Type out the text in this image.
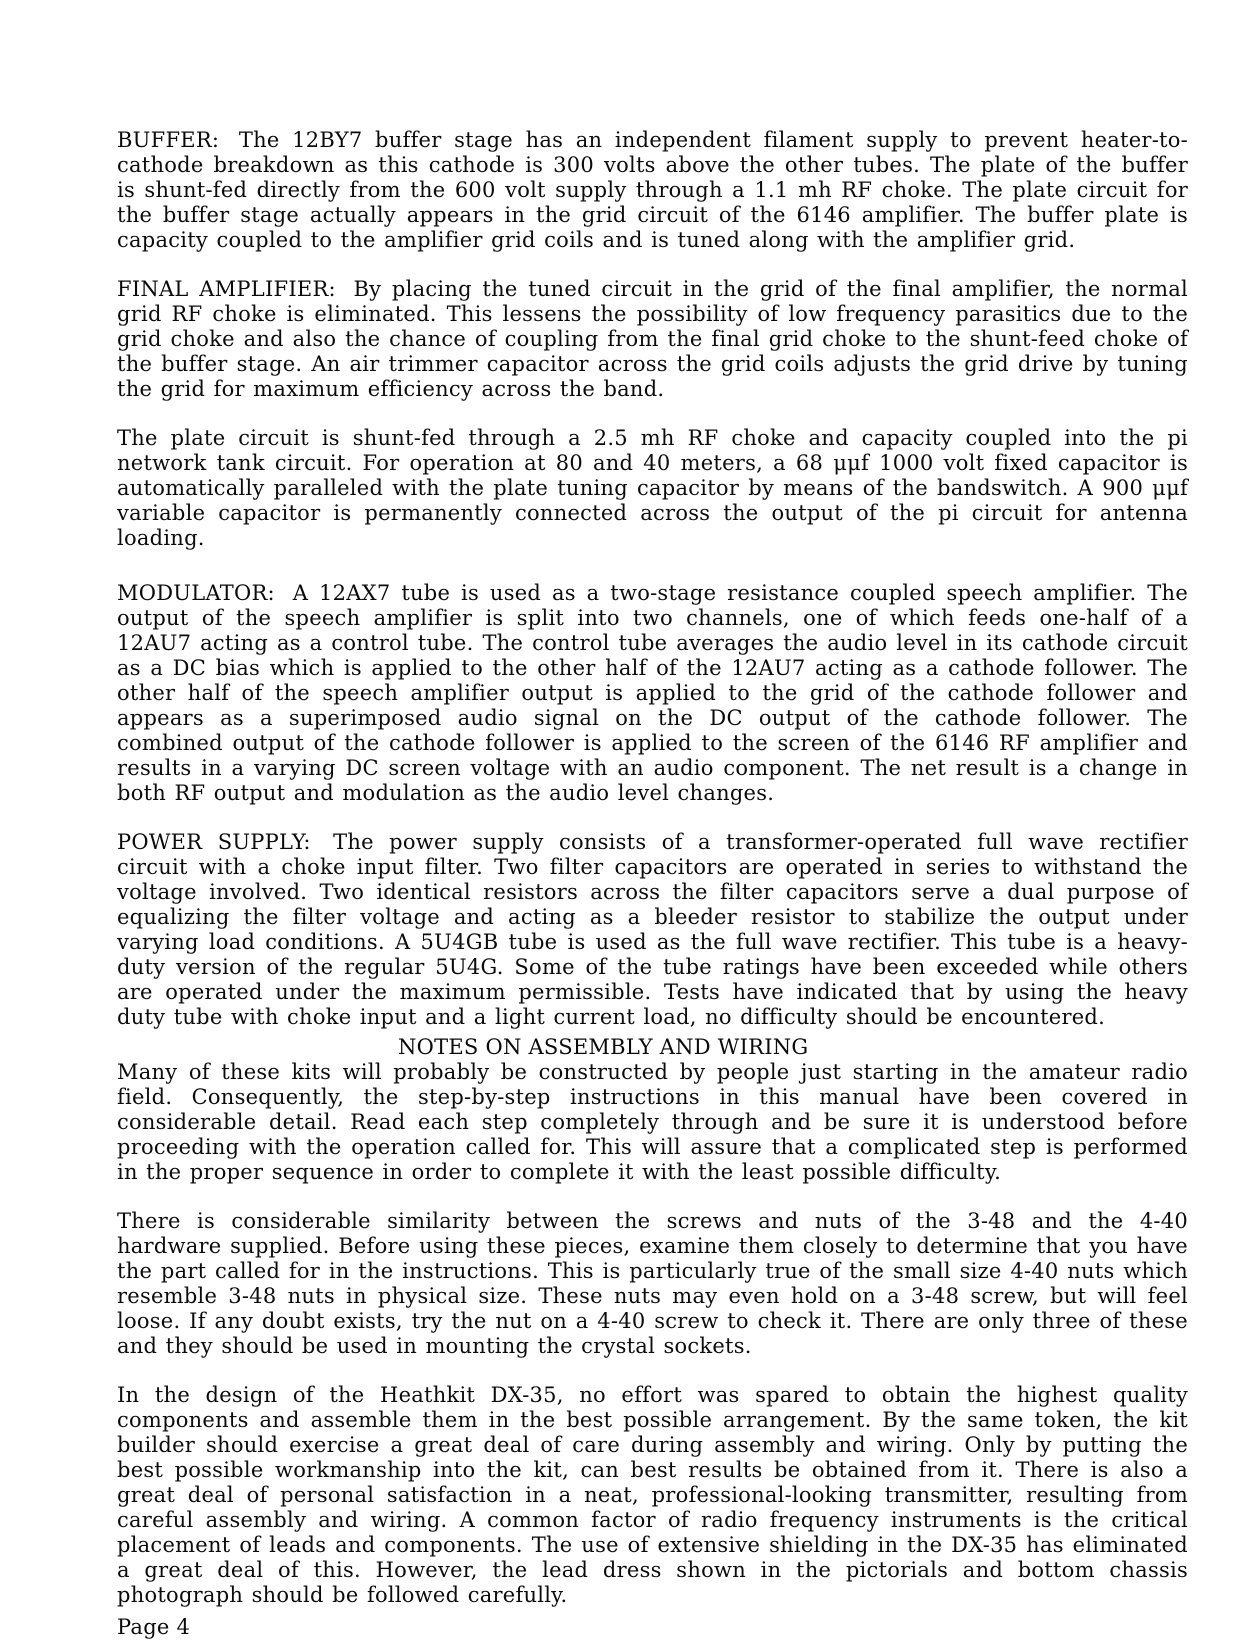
BUFFER: The 12BY7 buffer stage has an independent filament supply to prevent heater-to-cathode breakdown as this cathode is 300 volts above the other tubes. The plate of the buffer is shunt-fed directly from the 600 volt supply through a 1.1 mh RF choke. The plate circuit for the buffer stage actually appears in the grid circuit of the 6146 amplifier. The buffer plate is capacity coupled to the amplifier grid coils and is tuned along with the amplifier grid.

FINAL AMPLIFIER: By placing the tuned circuit in the grid of the final amplifier, the normal grid RF choke is eliminated. This lessens the possibility of low frequency parasitics due to the grid choke and also the chance of coupling from the final grid choke to the shunt-feed choke of the buffer stage. An air trimmer capacitor across the grid coils adjusts the grid drive by tuning the grid for maximum efficiency across the band.

The plate circuit is shunt-fed through a 2.5 mh RF choke and capacity coupled into the pi network tank circuit. For operation at 80 and 40 meters, a 68 μμf 1000 volt fixed capacitor is automatically paralleled with the plate tuning capacitor by means of the bandswitch. A 900 μμf variable capacitor is permanently connected across the output of the pi circuit for antenna loading.

MODULATOR: A 12AX7 tube is used as a two-stage resistance coupled speech amplifier. The output of the speech amplifier is split into two channels, one of which feeds one-half of a 12AU7 acting as a control tube. The control tube averages the audio level in its cathode circuit as a DC bias which is applied to the other half of the 12AU7 acting as a cathode follower. The other half of the speech amplifier output is applied to the grid of the cathode follower and appears as a superimposed audio signal on the DC output of the cathode follower. The combined output of the cathode follower is applied to the screen of the 6146 RF amplifier and results in a varying DC screen voltage with an audio component. The net result is a change in both RF output and modulation as the audio level changes.

POWER SUPPLY: The power supply consists of a transformer-operated full wave rectifier circuit with a choke input filter. Two filter capacitors are operated in series to withstand the voltage involved. Two identical resistors across the filter capacitors serve a dual purpose of equalizing the filter voltage and acting as a bleeder resistor to stabilize the output under varying load conditions. A 5U4GB tube is used as the full wave rectifier. This tube is a heavy-duty version of the regular 5U4G. Some of the tube ratings have been exceeded while others are operated under the maximum permissible. Tests have indicated that by using the heavy duty tube with choke input and a light current load, no difficulty should be encountered.

NOTES ON ASSEMBLY AND WIRING

Many of these kits will probably be constructed by people just starting in the amateur radio field. Consequently, the step-by-step instructions in this manual have been covered in considerable detail. Read each step completely through and be sure it is understood before proceeding with the operation called for. This will assure that a complicated step is performed in the proper sequence in order to complete it with the least possible difficulty.

There is considerable similarity between the screws and nuts of the 3-48 and the 4-40 hardware supplied. Before using these pieces, examine them closely to determine that you have the part called for in the instructions. This is particularly true of the small size 4-40 nuts which resemble 3-48 nuts in physical size. These nuts may even hold on a 3-48 screw, but will feel loose. If any doubt exists, try the nut on a 4-40 screw to check it. There are only three of these and they should be used in mounting the crystal sockets.

In the design of the Heathkit DX-35, no effort was spared to obtain the highest quality components and assemble them in the best possible arrangement. By the same token, the kit builder should exercise a great deal of care during assembly and wiring. Only by putting the best possible workmanship into the kit, can best results be obtained from it. There is also a great deal of personal satisfaction in a neat, professional-looking transmitter, resulting from careful assembly and wiring. A common factor of radio frequency instruments is the critical placement of leads and components. The use of extensive shielding in the DX-35 has eliminated a great deal of this. However, the lead dress shown in the pictorials and bottom chassis photograph should be followed carefully.

Page 4
